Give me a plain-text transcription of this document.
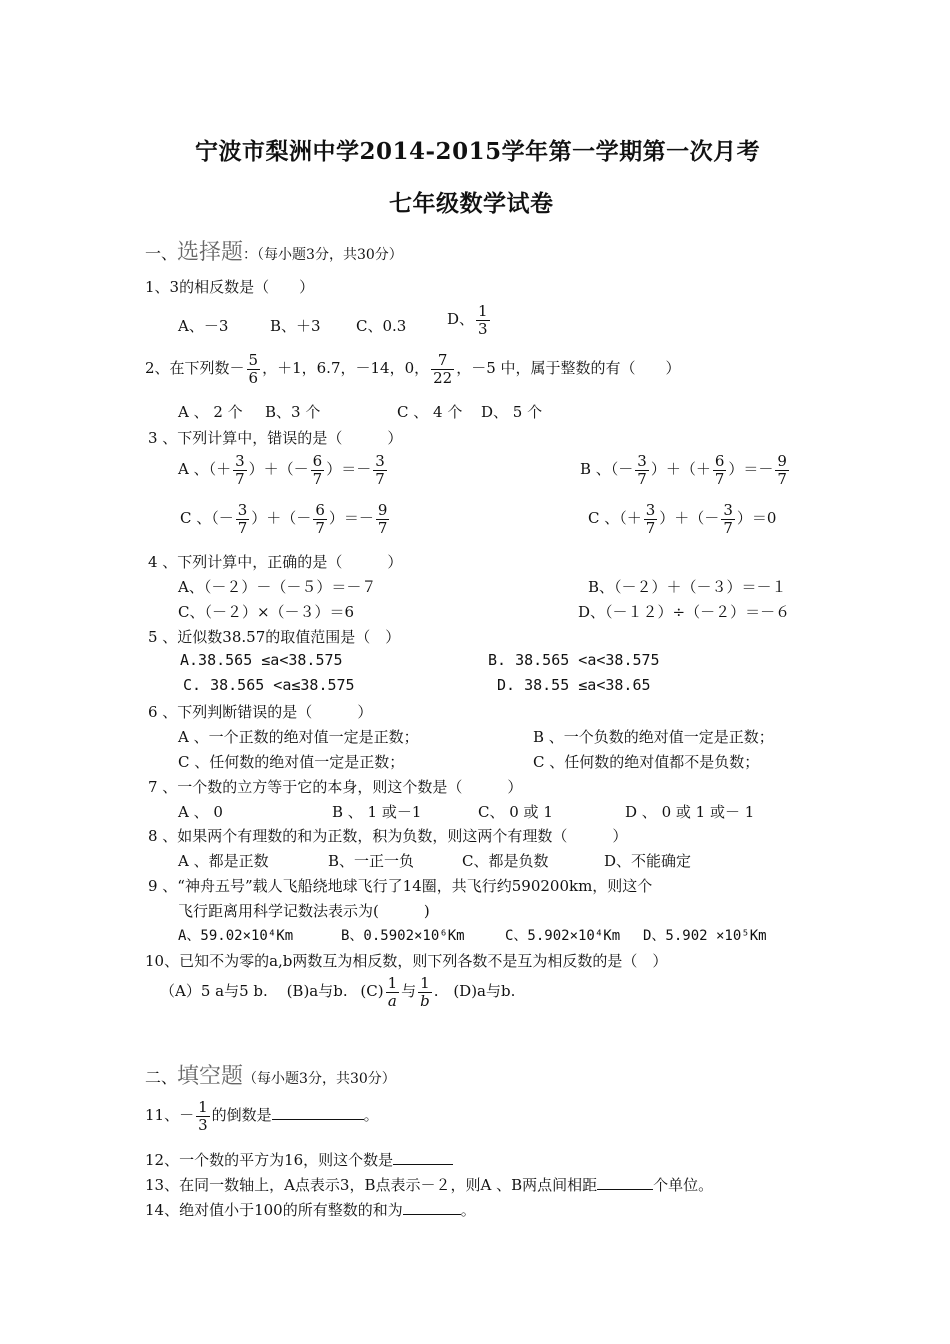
宁波市梨洲中学2014-2015学年第一学期第一次月考
七年级数学试卷
一、选择题：（每小题3分，共30分）
1、3的相反数是（　　）
A、－3	B、＋3 C、0.3	D、 $\frac{1}{3}$
2、在下列数－ $\frac{5}{6}$ ，＋1，6.7，－14，0， $\frac{7}{22}$ ，－5 中，属于整数的有（　　）
A 、 2 个 B、3 个	C 、 4 个 D、 5 个
3 、下列计算中，错误的是（　　　）
A 、（＋ $\frac{3}{7}$ ）＋（－ $\frac{6}{7}$ ）＝－ $\frac{3}{7}$	B 、（－ $\frac{3}{7}$ ）＋（＋ $\frac{6}{7}$ ）＝－ $\frac{9}{7}$
C 、（－ $\frac{3}{7}$ ）＋（－ $\frac{6}{7}$ ）＝－ $\frac{9}{7}$	C 、（＋ $\frac{3}{7}$ ）＋（－ $\frac{3}{7} )=0$
4 、下列计算中，正确的是（　　　）
A、（－２）－（－５）＝－７	B、（－２）＋（－３）＝－１
C、（－２）×（－３）＝6	D、（－１２）÷（－２）＝－６
5 、近似数38.57的取值范围是（　）
A.38.565 ≤a<38.575	B. 38.565 <a<38.575
C. 38.565 <a≤38.575	D. 38.55 ≤a<38.65
6 、下列判断错误的是（　　　）
A 、一个正数的绝对值一定是正数；	B 、一个负数的绝对值一定是正数；
C 、任何数的绝对值一定是正数；	C 、任何数的绝对值都不是负数；
7 、一个数的立方等于它的本身，则这个数是（　　　）
A 、 0	B 、 1 或－1	C、 0 或 1	D 、 0 或 1 或－ 1
8 、如果两个有理数的和为正数，积为负数，则这两个有理数（　　　）
A 、都是正数	B、一正一负	C、都是负数	D、不能确定
9 、“神舟五号”载人飞船绕地球飞行了14圈，共飞行约590200km，则这个
飞行距离用科学记数法表示为(　　　)
A、59.02×10⁴Km	B、0.5902×10⁶Km	C、5.902×10⁴Km D、5.902 ×10⁵Km
10、已知不为零的a,b两数互为相反数，则下列各数不是互为相反数的是（　）
（A）5 a与5 b. (B)a与b. $(C) \frac{1}{a}$ 与 $\frac{1}{b}$ . (D)a与b.
二、填空题（每小题3分，共30分）
11、－ $\frac{1}{3}$ 的倒数是	。
12、一个数的平方为16，则这个数是
13、在同一数轴上，A点表示3，B点表示－２，则A 、B两点间相距	个单位。
14、绝对值小于100的所有整数的和为	。
